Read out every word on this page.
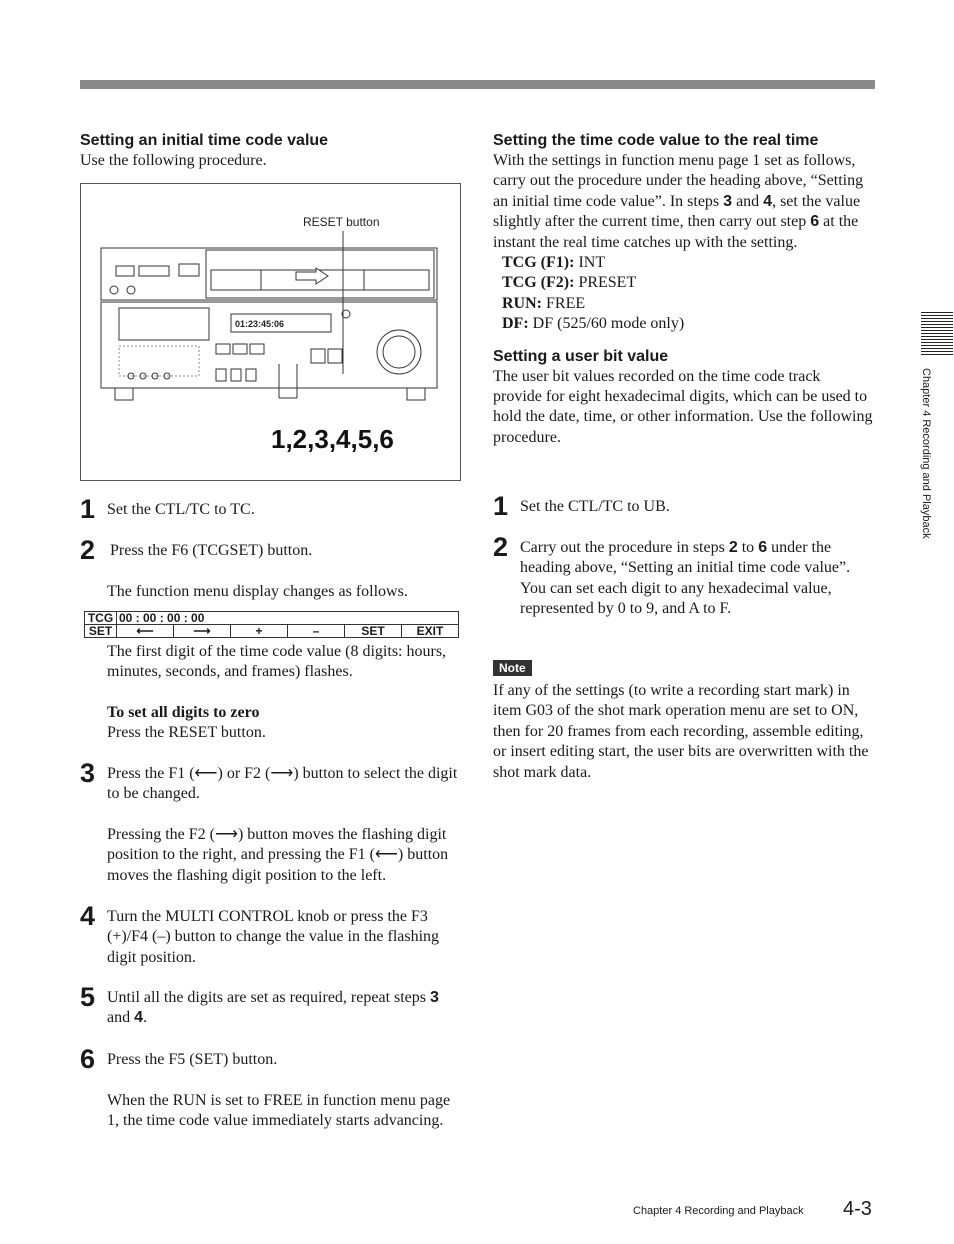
Setting an initial time code value

Use the following procedure.

01:23:45:06
RESET button
1,2,3,4,5,6
1 Set the CTL/TC to TC.
2 Press the F6 (TCGSET) button.
The function menu display changes as follows.
TCG	00 : 00 : 00 : 00					
SET	⟵	⟶	+	–	SET	EXIT

The first digit of the time code value (8 digits: hours, minutes, seconds, and frames) flashes.

To set all digits to zero

Press the RESET button.

3 Press the F1 (⟵) or F2 (⟶) button to select the digit to be changed.
Pressing the F2 (⟶) button moves the flashing digit position to the right, and pressing the F1 (⟵) button moves the flashing digit position to the left.
4 Turn the MULTI CONTROL knob or press the F3 (+)/F4 (–) button to change the value in the flashing digit position.
5 Until all the digits are set as required, repeat steps 3 and 4.
6 Press the F5 (SET) button.
When the RUN is set to FREE in function menu page 1, the time code value immediately starts advancing.

Setting the time code value to the real time

With the settings in function menu page 1 set as follows, carry out the procedure under the heading above, “Setting an initial time code value”. In steps 3 and 4, set the value slightly after the current time, then carry out step 6 at the instant the real time catches up with the setting.

TCG (F1): INT

TCG (F2): PRESET

RUN: FREE

DF: DF (525/60 mode only)

Setting a user bit value

The user bit values recorded on the time code track provide for eight hexadecimal digits, which can be used to hold the date, time, or other information. Use the following procedure.

1 Set the CTL/TC to UB.
2 Carry out the procedure in steps 2 to 6 under the heading above, “Setting an initial time code value”.
You can set each digit to any hexadecimal value, represented by 0 to 9, and A to F.
Note

If any of the settings (to write a recording start mark) in item G03 of the shot mark operation menu are set to ON, then for 20 frames from each recording, assemble editing, or insert editing start, the user bits are overwritten with the shot mark data.

Chapter 4 Recording and Playback
Chapter 4 Recording and Playback 4-3
